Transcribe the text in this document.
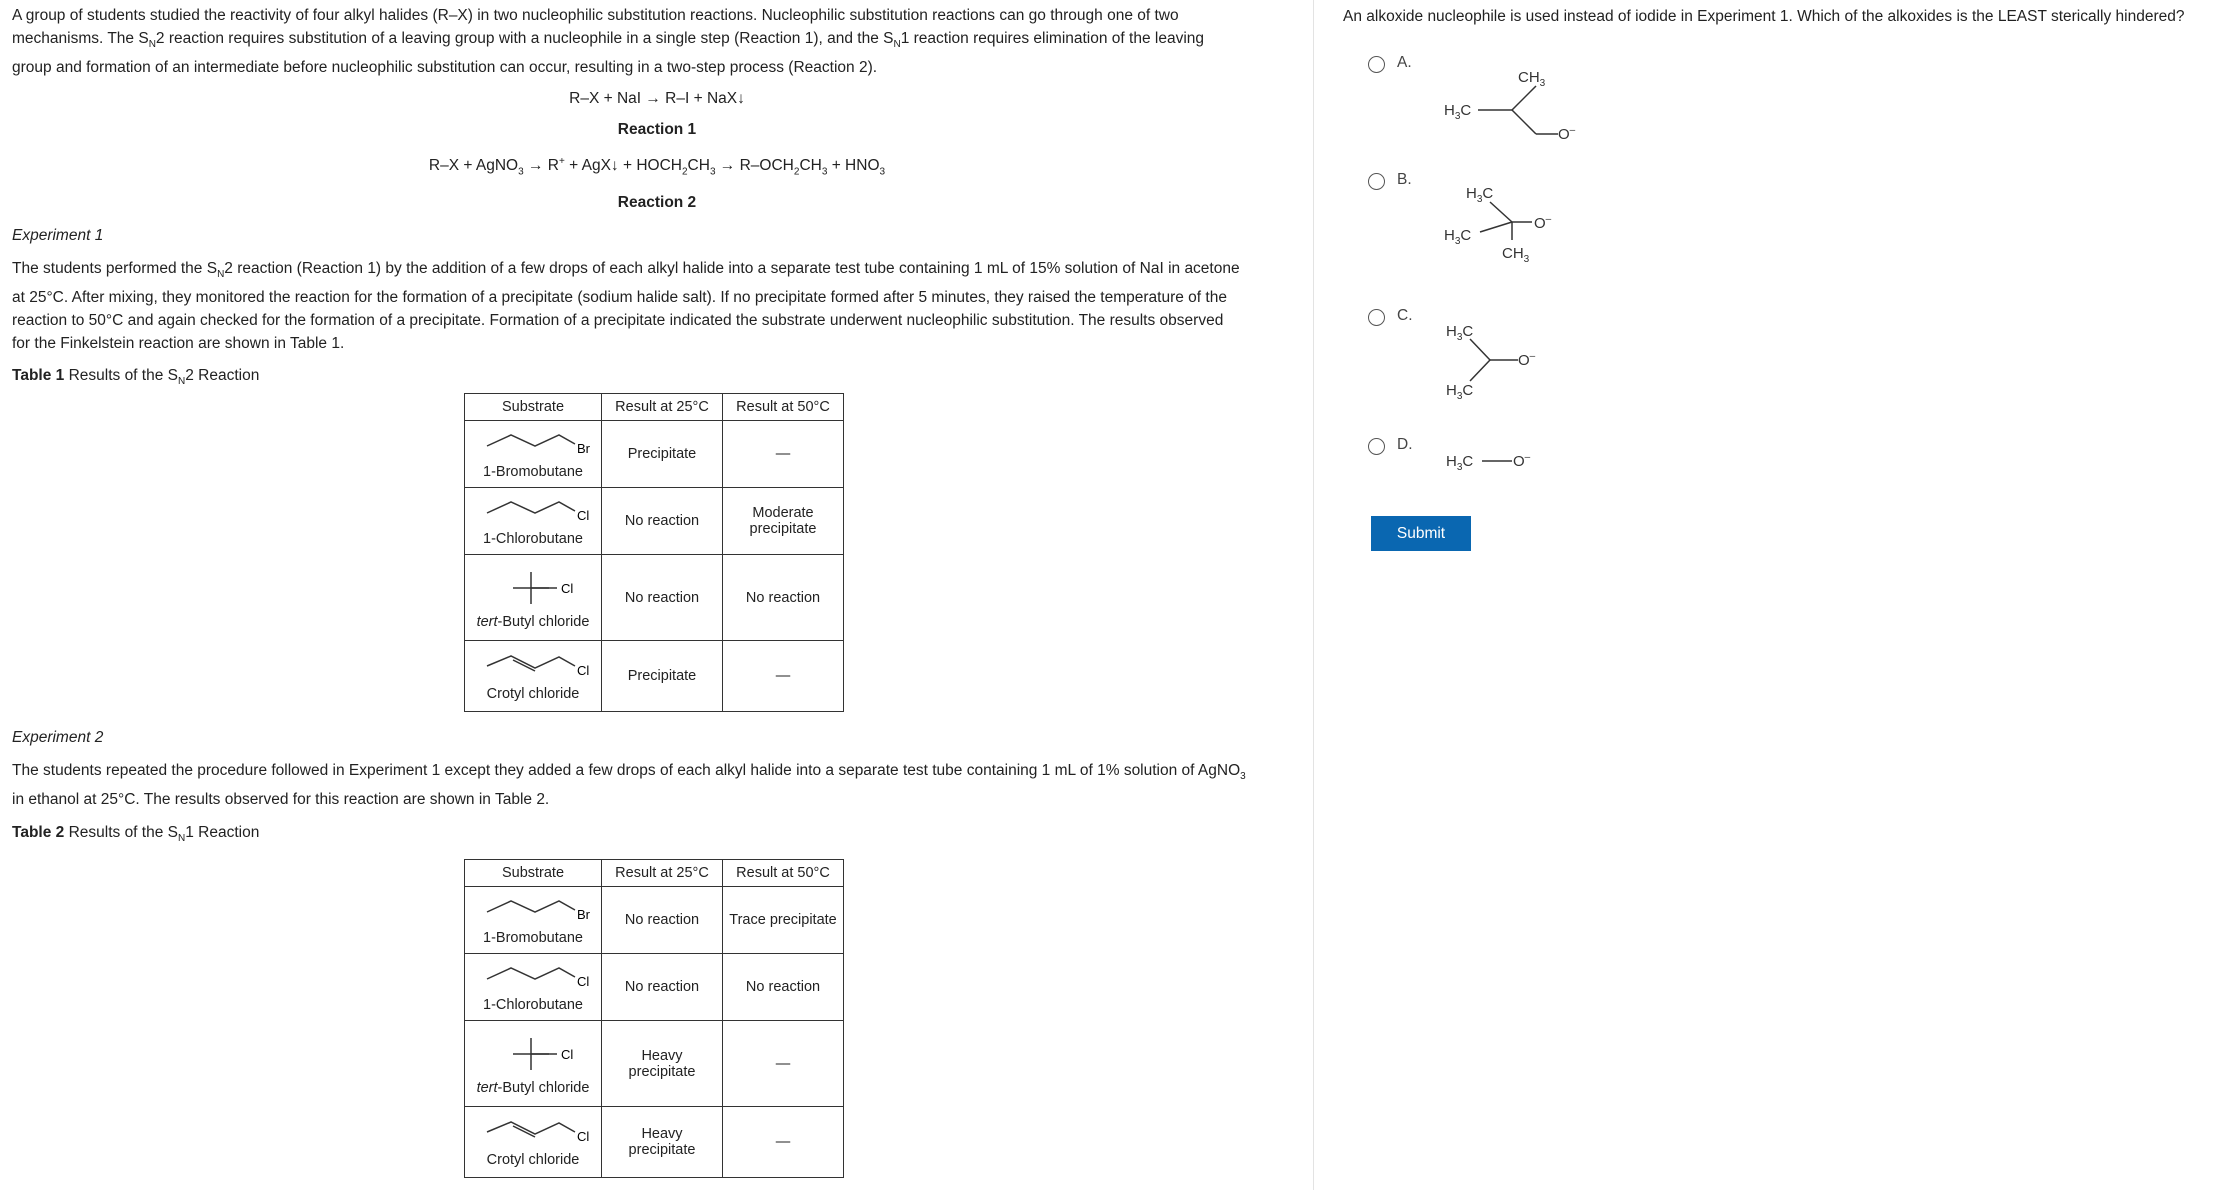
A group of students studied the reactivity of four alkyl halides (R–X) in two nucleophilic substitution reactions. Nucleophilic substitution reactions can go through one of two

mechanisms. The $S_N2$ reaction requires substitution of a leaving group with a nucleophile in a single step (Reaction 1), and the $S_N1$ reaction requires elimination of the leaving

group and formation of an intermediate before nucleophilic substitution can occur, resulting in a two-step process (Reaction 2).

R–X + NaI → R–I + NaX↓

Reaction 1

R–X + AgNO$_3$ → R+ + AgX↓ + $HOCH_2CH_3 \to R-OCH_2CH_3 + HNO_3$

Reaction 2

Experiment 1

The students performed the $S_N2$ reaction (Reaction 1) by the addition of a few drops of each alkyl halide into a separate test tube containing 1 mL of 15% solution of NaI in acetone

at 25°C. After mixing, they monitored the reaction for the formation of a precipitate (sodium halide salt). If no precipitate formed after 5 minutes, they raised the temperature of the

reaction to 50°C and again checked for the formation of a precipitate. Formation of a precipitate indicated the substrate underwent nucleophilic substitution. The results observed

for the Finkelstein reaction are shown in Table 1.

Table 1 Results of the $S_N2$ Reaction

Substrate	Result at 25°C	Result at 50°C

Br
1-Bromobutane	Precipitate	—

Cl
1-Chlorobutane	No reaction	Moderate precipitate

Cl
tert-Butyl chloride	No reaction	No reaction

Cl
Crotyl chloride	Precipitate	—

Experiment 2

The students repeated the procedure followed in Experiment 1 except they added a few drops of each alkyl halide into a separate test tube containing 1 mL of 1% solution of AgNO$_3$

in ethanol at 25°C. The results observed for this reaction are shown in Table 2.

Table 2 Results of the $S_N1$ Reaction

Substrate	Result at 25°C	Result at 50°C

Br
1-Bromobutane	No reaction	Trace precipitate

Cl
1-Chlorobutane	No reaction	No reaction

Cl
tert-Butyl chloride	Heavy precipitate	—

Cl
Crotyl chloride	Heavy precipitate	—
An alkoxide nucleophile is used instead of iodide in Experiment 1. Which of the alkoxides is the LEAST sterically hindered?
A.
$H_3C$
$CH_3$
O–
B.
$H_3C$
$H_3C$
O–
$CH_3$
C.
$H_3C$
$H_3C$
O–
D.
$H_3C$	O–
Submit
